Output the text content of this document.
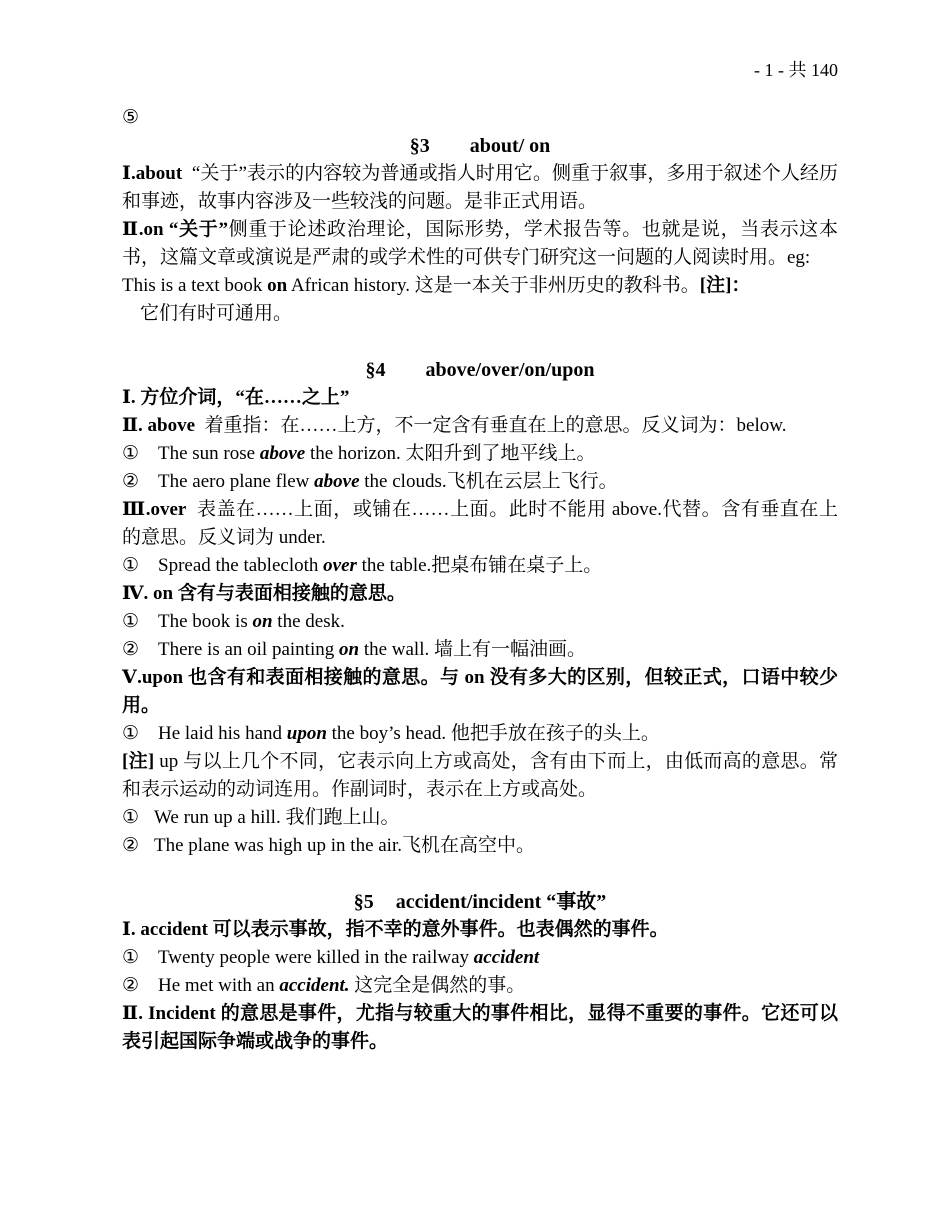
- 1 - 共 140
⑤
§3 about/ on

Ⅰ.about “关于”表示的内容较为普通或指人时用它。侧重于叙事，多用于叙述个人经历和事迹，故事内容涉及一些较浅的问题。是非正式用语。

Ⅱ.on “关于”侧重于论述政治理论，国际形势，学术报告等。也就是说，当表示这本书，这篇文章或演说是严肃的或学术性的可供专门研究这一问题的人阅读时用。eg:

This is a text book on African history. 这是一本关于非州历史的教科书。[注]：

它们有时可通用。

§4 above/over/on/upon

Ⅰ. 方位介词，“在……之上”

Ⅱ. above 着重指：在……上方，不一定含有垂直在上的意思。反义词为：below.

① The sun rose above the horizon. 太阳升到了地平线上。

② The aero plane flew above the clouds.飞机在云层上飞行。

Ⅲ.over 表盖在……上面，或铺在……上面。此时不能用 above.代替。含有垂直在上的意思。反义词为 under.

① Spread the tablecloth over the table.把桌布铺在桌子上。

Ⅳ. on 含有与表面相接触的意思。

① The book is on the desk.

② There is an oil painting on the wall. 墙上有一幅油画。

Ⅴ.upon 也含有和表面相接触的意思。与 on 没有多大的区别，但较正式，口语中较少用。

① He laid his hand upon the boy’s head. 他把手放在孩子的头上。

[注] up 与以上几个不同，它表示向上方或高处，含有由下而上，由低而高的意思。常和表示运动的动词连用。作副词时，表示在上方或高处。

① We run up a hill. 我们跑上山。

② The plane was high up in the air.飞机在高空中。

§5 accident/incident “事故”

Ⅰ. accident 可以表示事故，指不幸的意外事件。也表偶然的事件。

① Twenty people were killed in the railway accident

② He met with an accident. 这完全是偶然的事。

Ⅱ. Incident 的意思是事件，尤指与较重大的事件相比，显得不重要的事件。它还可以表引起国际争端或战争的事件。
